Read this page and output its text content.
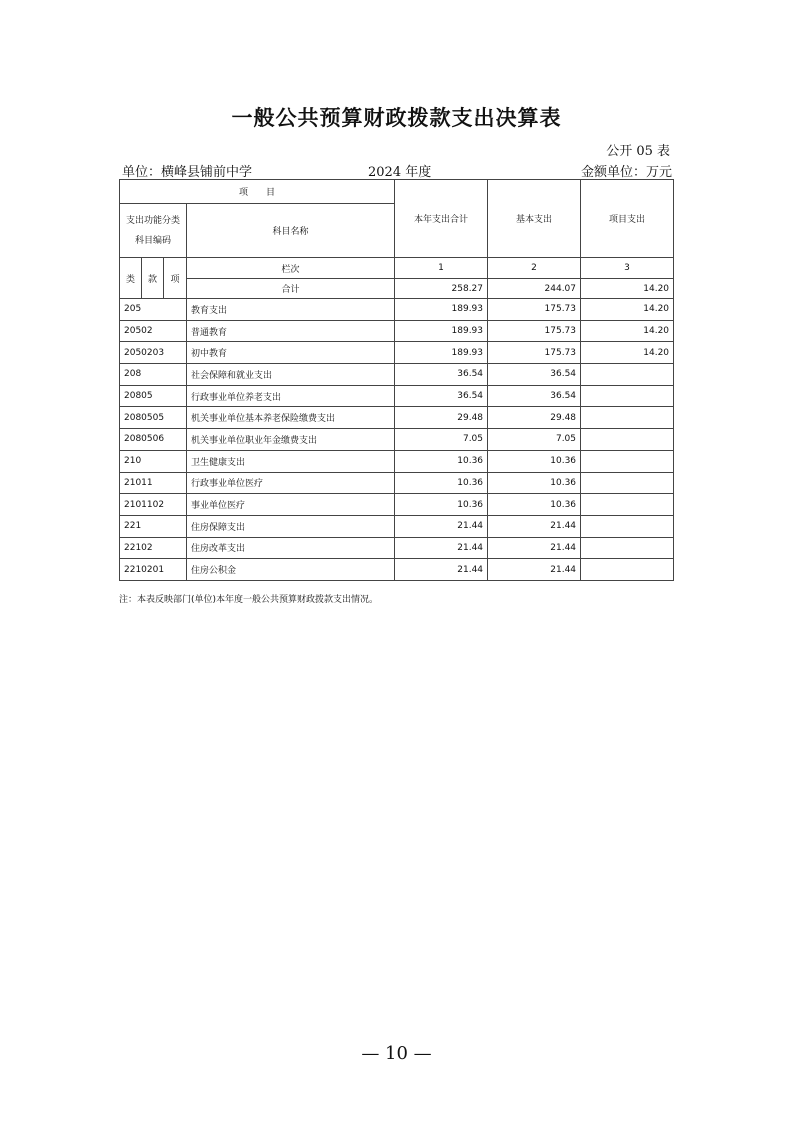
一般公共预算财政拨款支出决算表
公开 05 表
单位：横峰县铺前中学	2024 年度	金额单位：万元
项　　目				本年支出合计	基本支出	项目支出

支出功能分类
科目编码			科目名称			

类	款	项	栏次	1	2	3
			合计	258.27	244.07	14.20
205			教育支出	189.93	175.73	14.20
20502			普通教育	189.93	175.73	14.20
2050203			初中教育	189.93	175.73	14.20
208			社会保障和就业支出	36.54	36.54	
20805			行政事业单位养老支出	36.54	36.54	
2080505			机关事业单位基本养老保险缴费支出	29.48	29.48	
2080506			机关事业单位职业年金缴费支出	7.05	7.05	
210			卫生健康支出	10.36	10.36	
21011			行政事业单位医疗	10.36	10.36	
2101102			事业单位医疗	10.36	10.36	
221			住房保障支出	21.44	21.44	
22102			住房改革支出	21.44	21.44	
2210201			住房公积金	21.44	21.44	
注：本表反映部门(单位)本年度一般公共预算财政拨款支出情况。
— 10 —
